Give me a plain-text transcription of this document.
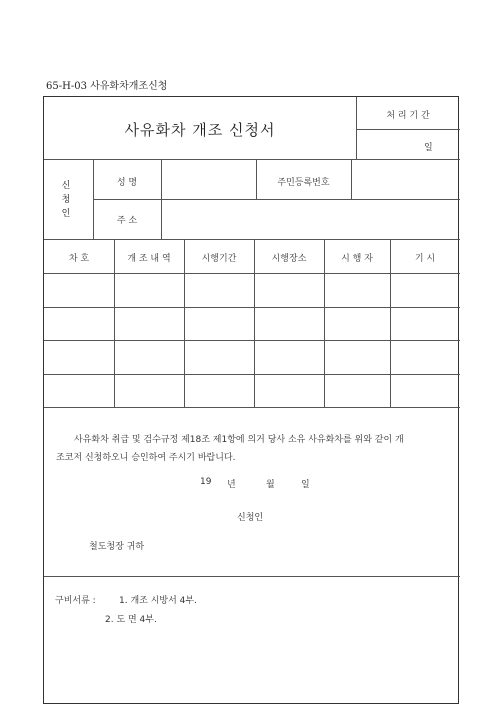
65-H-03 사유화차개조신청
사유화차 개조 신청서
처 리 기 간
일
신
청
인
성 명	주민등록번호
주 소
차 호	개 조 내 역	시행기간	시행장소	시 행 자	기 시
사유화차 취급 및 검수규정 제18조 제1항에 의거 당사 소유 사유화차를 위와 같이 개
조코저 신청하오니 승인하여 주시기 바랍니다.
19 년	월	일
신청인
철도청장 귀하
구비서류 :	1. 개조 시방서 4부.
2. 도 면 4부.
